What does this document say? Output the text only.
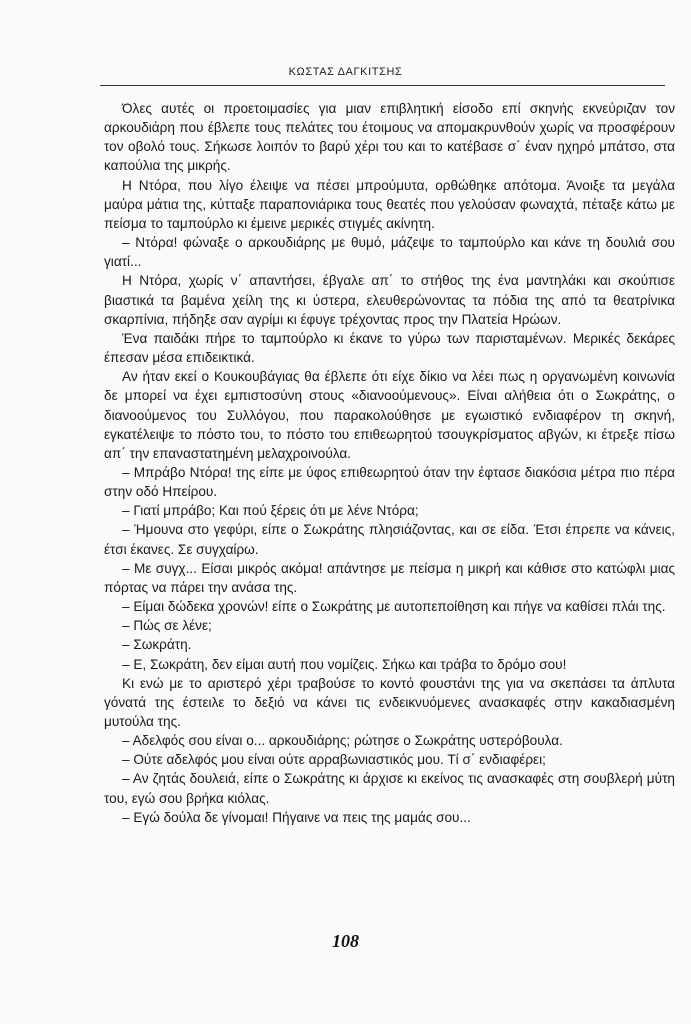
ΚΩΣΤΑΣ ΔΑΓΚΙΤΣΗΣ

Όλες αυτές οι προετοιμασίες για μιαν επιβλητική είσοδο επί σκηνής εκνεύριζαν τον αρκουδιάρη που έβλεπε τους πελάτες του έτοιμους να απομακρυνθούν χωρίς να προσφέρουν τον οβολό τους. Σήκωσε λοιπόν το βαρύ χέρι του και το κατέβασε σ΄ έναν ηχηρό μπάτσο, στα καπούλια της μικρής.

Η Ντόρα, που λίγο έλειψε να πέσει μπρούμυτα, ορθώθηκε απότομα. Άνοιξε τα μεγάλα μαύρα μάτια της, κύτταξε παραπονιάρικα τους θεατές που γελούσαν φωναχτά, πέταξε κάτω με πείσμα το ταμπούρλο κι έμεινε μερικές στιγμές ακίνητη.

– Ντόρα! φώναξε ο αρκουδιάρης με θυμό, μάζεψε το ταμπούρλο και κάνε τη δουλιά σου γιατί...

Η Ντόρα, χωρίς ν΄ απαντήσει, έβγαλε απ΄ το στήθος της ένα μαντηλάκι και σκούπισε βιαστικά τα βαμένα χείλη της κι ύστερα, ελευθερώνοντας τα πόδια της από τα θεατρίνικα σκαρπίνια, πήδηξε σαν αγρίμι κι έφυγε τρέχοντας προς την Πλατεία Ηρώων.

Ένα παιδάκι πήρε το ταμπούρλο κι έκανε το γύρω των παρισταμένων. Μερικές δεκάρες έπεσαν μέσα επιδεικτικά.

Αν ήταν εκεί ο Κουκουβάγιας θα έβλεπε ότι είχε δίκιο να λέει πως η οργανωμένη κοινωνία δε μπορεί να έχει εμπιστοσύνη στους «διανοούμενους». Είναι αλήθεια ότι ο Σωκράτης, ο διανοούμενος του Συλλόγου, που παρακολούθησε με εγωιστικό ενδιαφέρον τη σκηνή, εγκατέλειψε το πόστο του, το πόστο του επιθεωρητού τσουγκρίσματος αβγών, κι έτρεξε πίσω απ΄ την επαναστατημένη μελαχροινούλα.

– Μπράβο Ντόρα! της είπε με ύφος επιθεωρητού όταν την έφτασε διακόσια μέτρα πιο πέρα στην οδό Ηπείρου.

– Γιατί μπράβο; Και πού ξέρεις ότι με λένε Ντόρα;

– Ήμουνα στο γεφύρι, είπε ο Σωκράτης πλησιάζοντας, και σε είδα. Έτσι έπρεπε να κάνεις, έτσι έκανες. Σε συγχαίρω.

– Με συγχ... Είσαι μικρός ακόμα! απάντησε με πείσμα η μικρή και κάθισε στο κατώφλι μιας πόρτας να πάρει την ανάσα της.

– Είμαι δώδεκα χρονών! είπε ο Σωκράτης με αυτοπεποίθηση και πήγε να καθίσει πλάι της.

– Πώς σε λένε;

– Σωκράτη.

– Ε, Σωκράτη, δεν είμαι αυτή που νομίζεις. Σήκω και τράβα το δρόμο σου!

Κι ενώ με το αριστερό χέρι τραβούσε το κοντό φουστάνι της για να σκεπάσει τα άπλυτα γόνατά της έστειλε το δεξιό να κάνει τις ενδεικνυόμενες ανασκαφές στην κακαδιασμένη μυτούλα της.

– Αδελφός σου είναι ο... αρκουδιάρης; ρώτησε ο Σωκράτης υστερόβουλα.

– Ούτε αδελφός μου είναι ούτε αρραβωνιαστικός μου. Τί σ΄ ενδιαφέρει;

– Αν ζητάς δουλειά, είπε ο Σωκράτης κι άρχισε κι εκείνος τις ανασκαφές στη σουβλερή μύτη του, εγώ σου βρήκα κιόλας.

– Εγώ δούλα δε γίνομαι! Πήγαινε να πεις της μαμάς σου...

108
